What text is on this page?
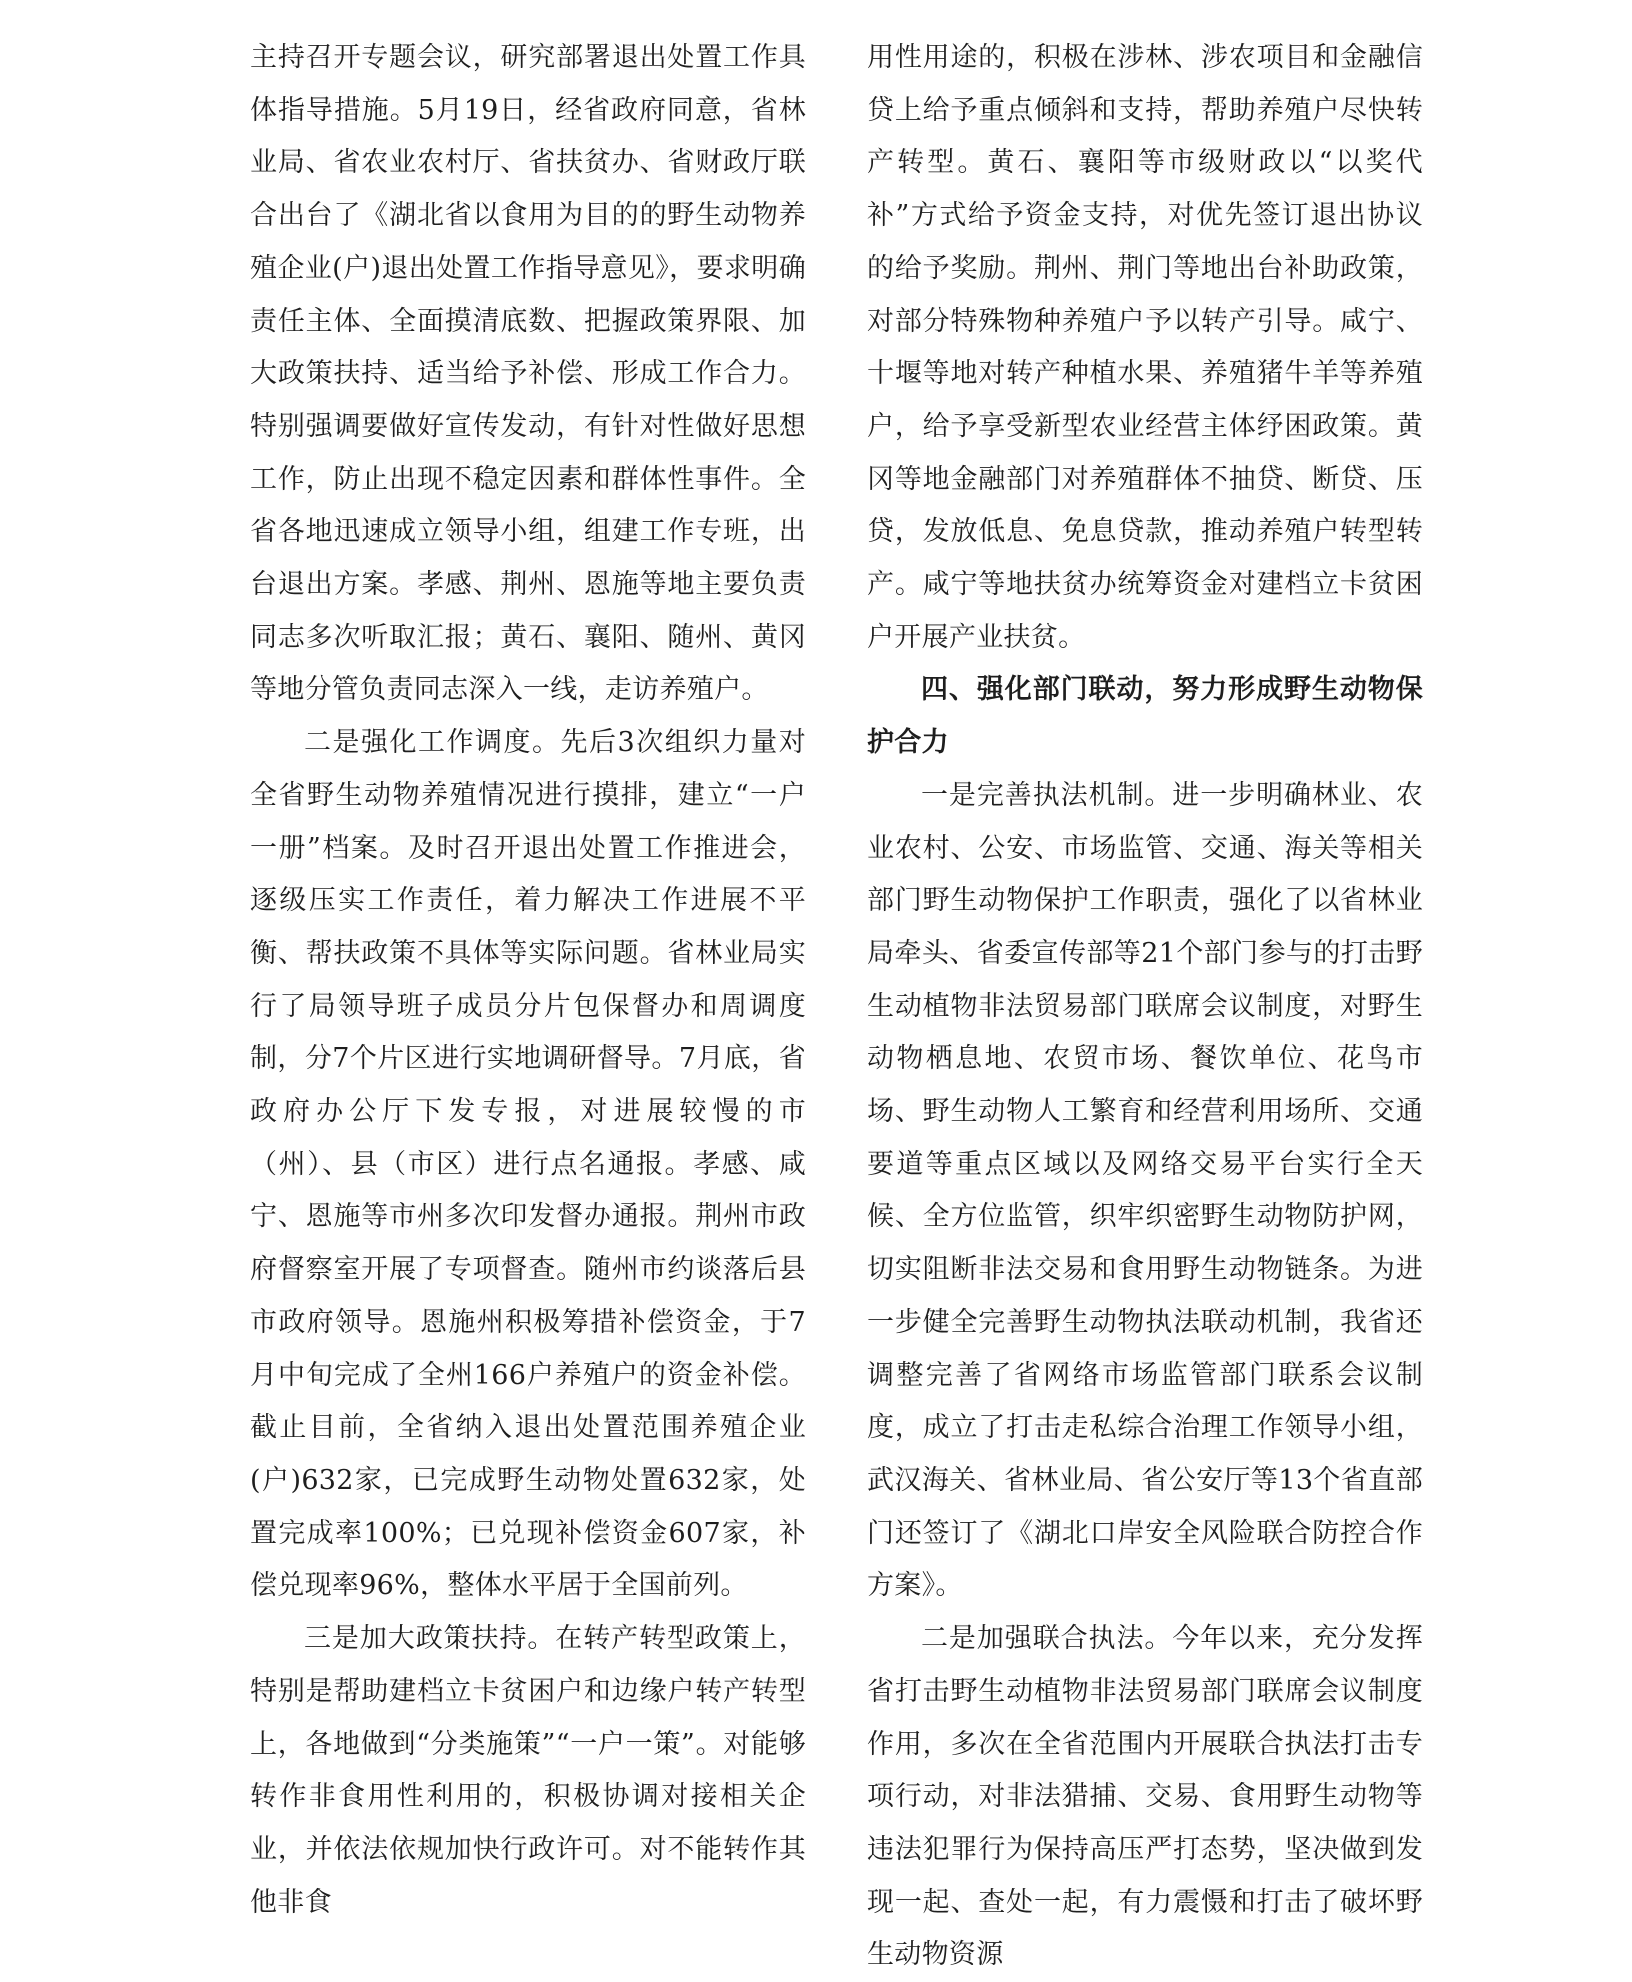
主持召开专题会议，研究部署退出处置工作具体指导措施。5月19日，经省政府同意，省林业局、省农业农村厅、省扶贫办、省财政厅联合出台了《湖北省以食用为目的的野生动物养殖企业(户)退出处置工作指导意见》，要求明确责任主体、全面摸清底数、把握政策界限、加大政策扶持、适当给予补偿、形成工作合力。特别强调要做好宣传发动，有针对性做好思想工作，防止出现不稳定因素和群体性事件。全省各地迅速成立领导小组，组建工作专班，出台退出方案。孝感、荆州、恩施等地主要负责同志多次听取汇报；黄石、襄阳、随州、黄冈等地分管负责同志深入一线，走访养殖户。

二是强化工作调度。先后3次组织力量对全省野生动物养殖情况进行摸排，建立“一户一册”档案。及时召开退出处置工作推进会，逐级压实工作责任，着力解决工作进展不平衡、帮扶政策不具体等实际问题。省林业局实行了局领导班子成员分片包保督办和周调度制，分7个片区进行实地调研督导。7月底，省政府办公厅下发专报，对进展较慢的市（州）、县（市区）进行点名通报。孝感、咸宁、恩施等市州多次印发督办通报。荆州市政府督察室开展了专项督查。随州市约谈落后县市政府领导。恩施州积极筹措补偿资金，于7月中旬完成了全州166户养殖户的资金补偿。截止目前，全省纳入退出处置范围养殖企业(户)632家，已完成野生动物处置632家，处置完成率100%；已兑现补偿资金607家，补偿兑现率96%，整体水平居于全国前列。

三是加大政策扶持。在转产转型政策上，特别是帮助建档立卡贫困户和边缘户转产转型上，各地做到“分类施策”“一户一策”。对能够转作非食用性利用的，积极协调对接相关企业，并依法依规加快行政许可。对不能转作其他非食

用性用途的，积极在涉林、涉农项目和金融信贷上给予重点倾斜和支持，帮助养殖户尽快转产转型。黄石、襄阳等市级财政以“以奖代补”方式给予资金支持，对优先签订退出协议的给予奖励。荆州、荆门等地出台补助政策，对部分特殊物种养殖户予以转产引导。咸宁、十堰等地对转产种植水果、养殖猪牛羊等养殖户，给予享受新型农业经营主体纾困政策。黄冈等地金融部门对养殖群体不抽贷、断贷、压贷，发放低息、免息贷款，推动养殖户转型转产。咸宁等地扶贫办统筹资金对建档立卡贫困户开展产业扶贫。

四、强化部门联动，努力形成野生动物保护合力

一是完善执法机制。进一步明确林业、农业农村、公安、市场监管、交通、海关等相关部门野生动物保护工作职责，强化了以省林业局牵头、省委宣传部等21个部门参与的打击野生动植物非法贸易部门联席会议制度，对野生动物栖息地、农贸市场、餐饮单位、花鸟市场、野生动物人工繁育和经营利用场所、交通要道等重点区域以及网络交易平台实行全天候、全方位监管，织牢织密野生动物防护网，切实阻断非法交易和食用野生动物链条。为进一步健全完善野生动物执法联动机制，我省还调整完善了省网络市场监管部门联系会议制度，成立了打击走私综合治理工作领导小组，武汉海关、省林业局、省公安厅等13个省直部门还签订了《湖北口岸安全风险联合防控合作方案》。

二是加强联合执法。今年以来，充分发挥省打击野生动植物非法贸易部门联席会议制度作用，多次在全省范围内开展联合执法打击专项行动，对非法猎捕、交易、食用野生动物等违法犯罪行为保持高压严打态势，坚决做到发现一起、查处一起，有力震慑和打击了破坏野生动物资源
